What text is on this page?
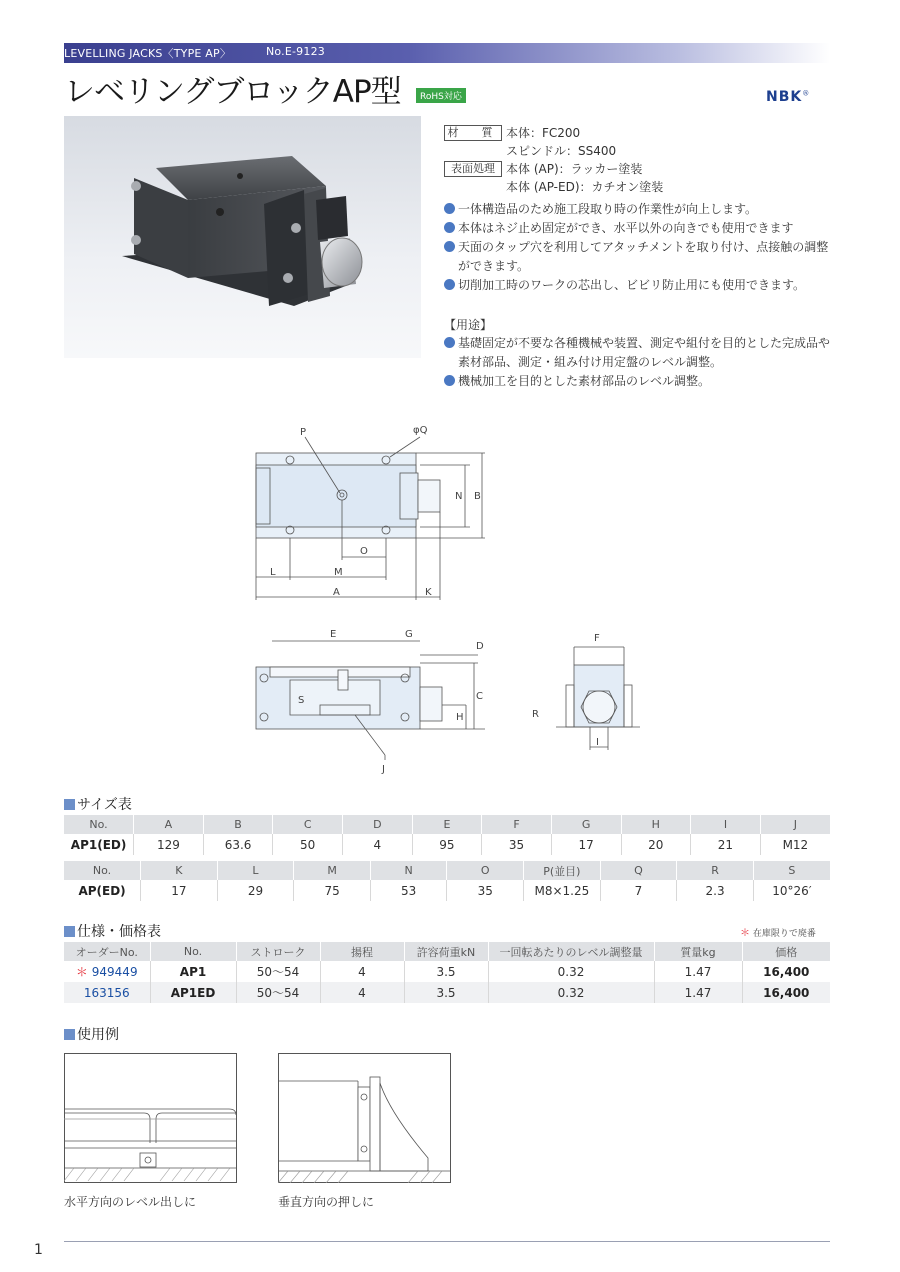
LEVELLING JACKS〈TYPE AP〉	No.E-9123
レベリングブロックAP型	RoHS対応	NBK®
材　質 本体：FC200
スピンドル：SS400
表面処理 本体 (AP)：ラッカー塗装
本体 (AP-ED)：カチオン塗装
一体構造品のため施工段取り時の作業性が向上します。
本体はネジ止め固定ができ、水平以外の向きでも使用できます
天面のタップ穴を利用してアタッチメントを取り付け、点接触の調整ができます。
切削加工時のワークの芯出し、ビビリ防止用にも使用できます。
【用途】
基礎固定が不要な各種機械や装置、測定や組付を目的とした完成品や素材部品、測定・組み付け用定盤のレベル調整。
機械加工を目的とした素材部品のレベル調整。
P	φQ
N B
O
L	M
A	K
E	G
D
S	C
H
J
F
R
I
サイズ表
No.	A	B	C	D	E	F	G	H	I	J
AP1(ED)	129	63.6	50	4	95	35	17	20	21	M12
No.	K	L	M	N	O	P(並目)	Q	R	S
AP(ED)	17	29	75	53	35	M8×1.25	7	2.3	10°26′
仕様・価格表	＊ 在庫限りで廃番
オーダーNo.	No.	ストローク	揚程	許容荷重kN	一回転あたりのレベル調整量	質量kg	価格
＊ 949449	AP1	50～54	4	3.5	0.32	1.47	16,400
163156	AP1ED	50～54	4	3.5	0.32	1.47	16,400
使用例
水平方向のレベル出しに	垂直方向の押しに
1
